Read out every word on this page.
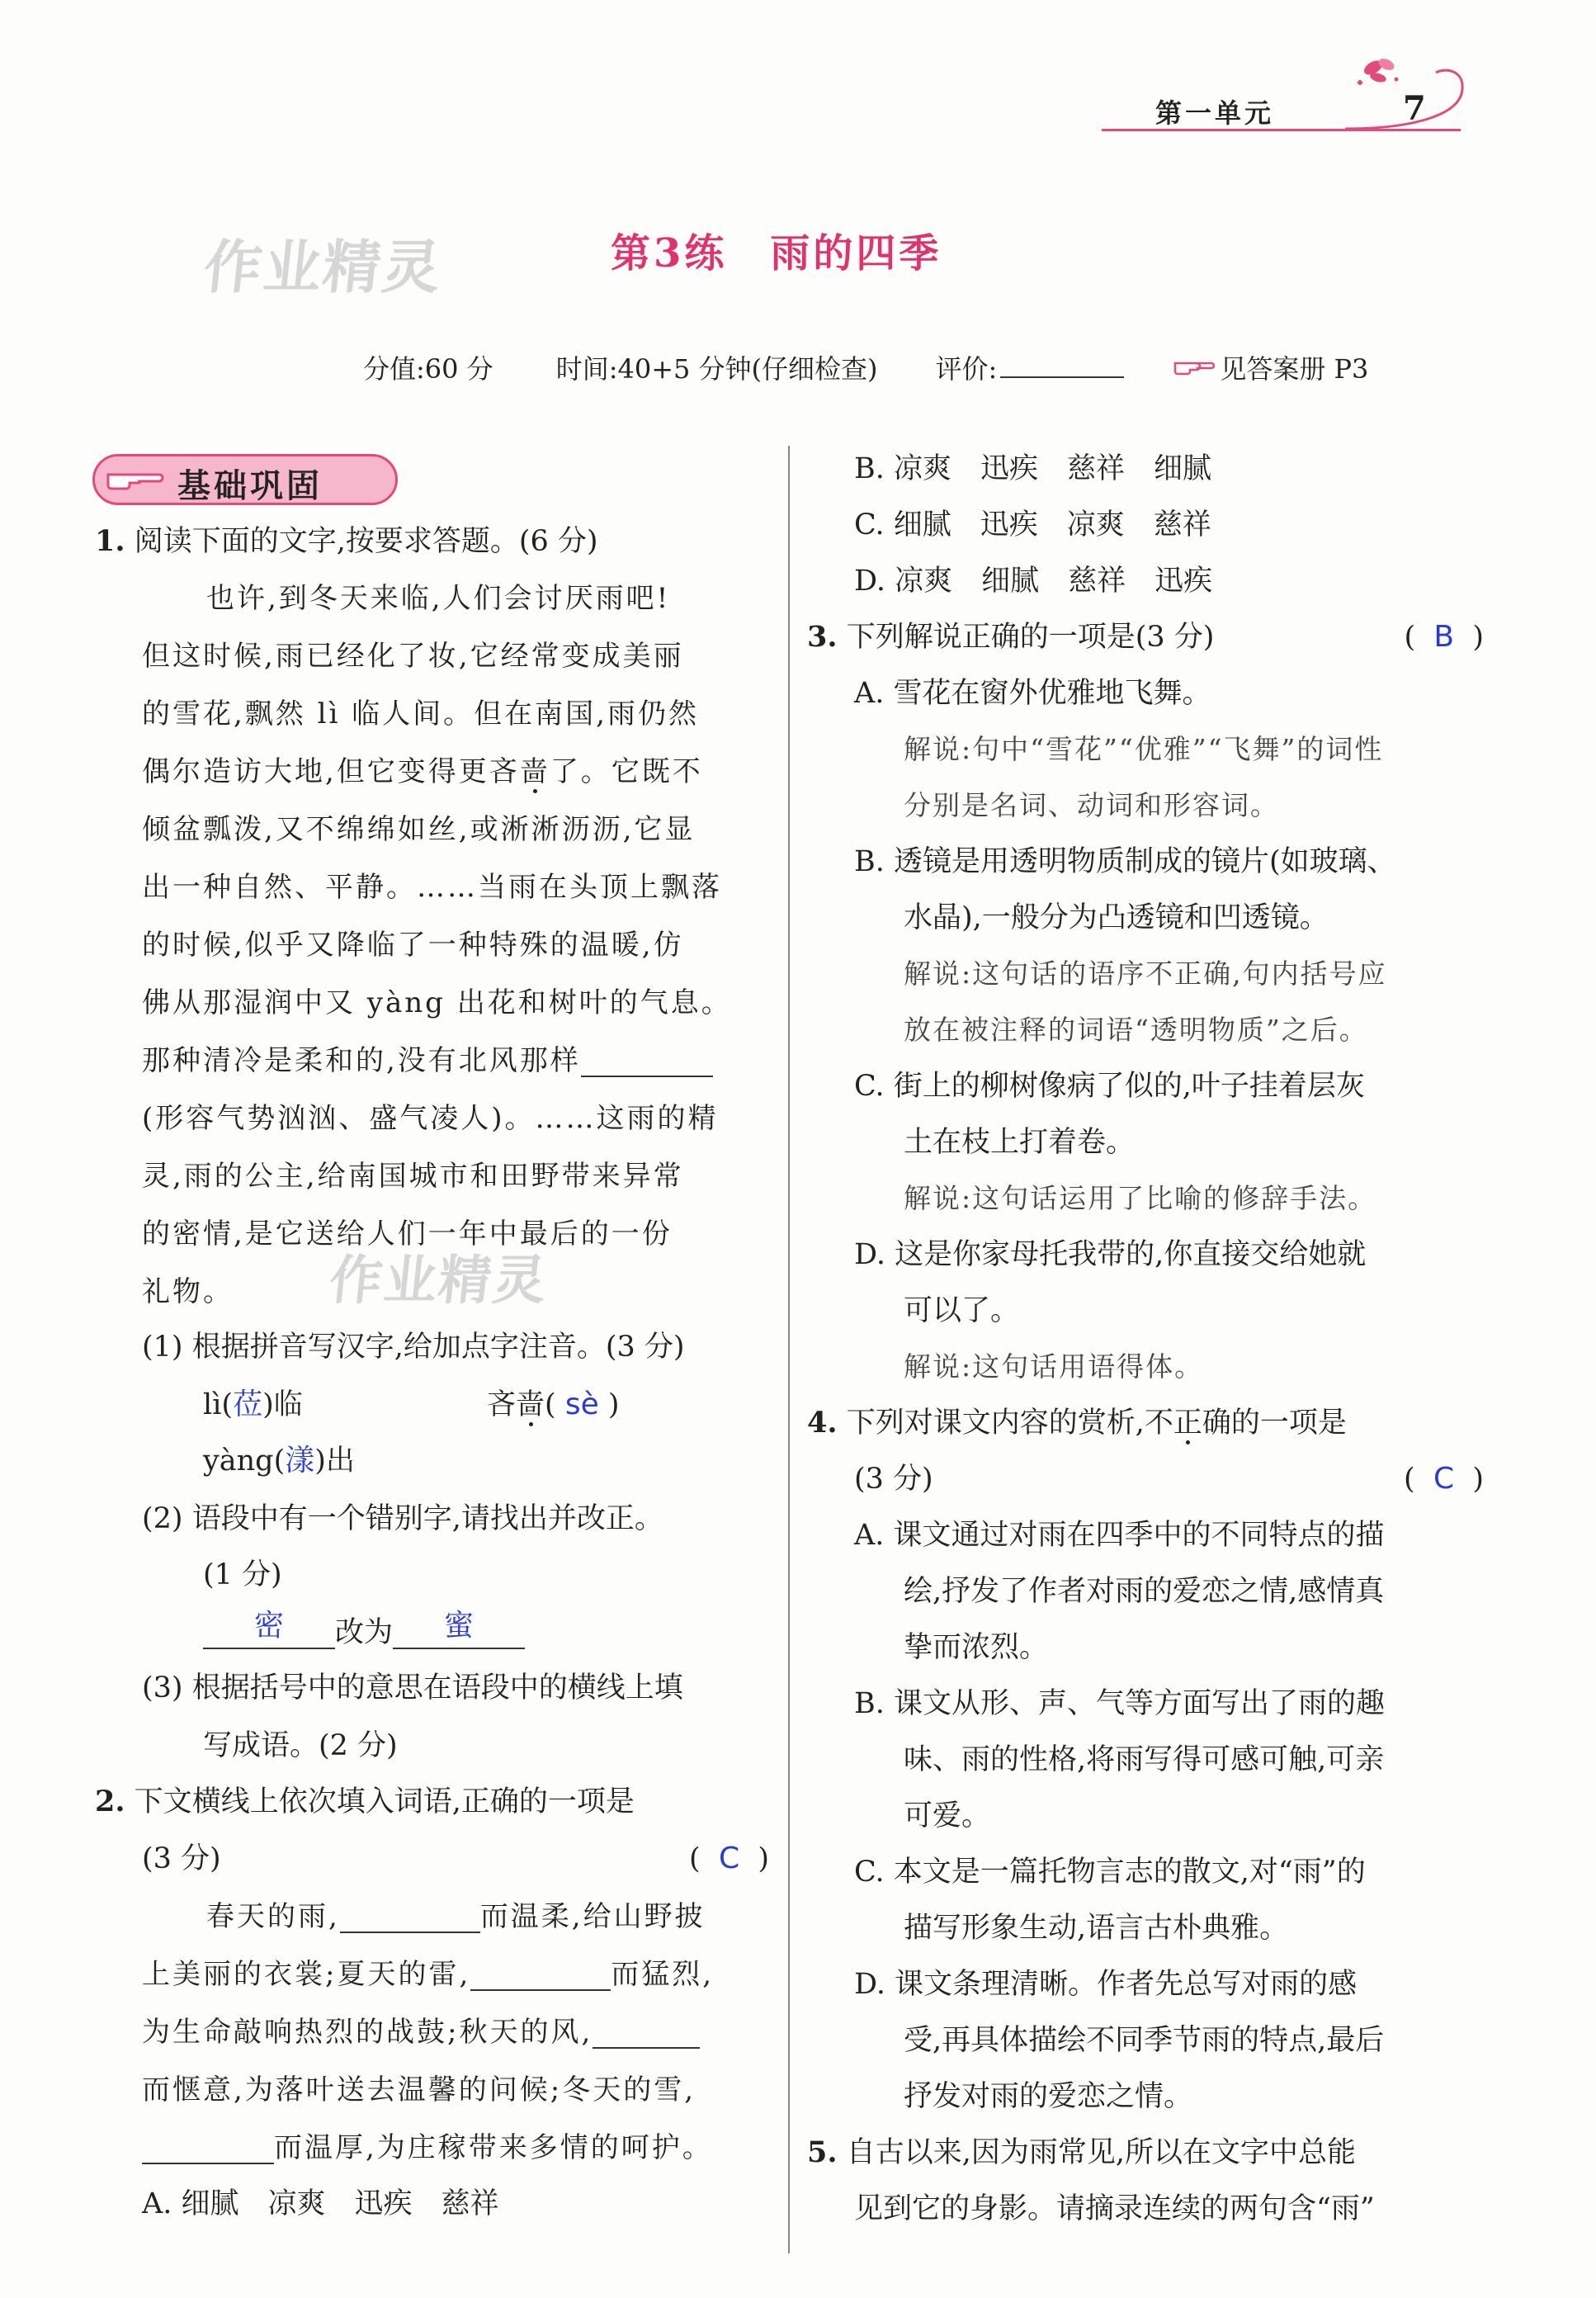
第一单元	7
作业精灵
作业精灵
第3练　雨的四季
分值:60 分 时间:40+5 分钟(仔细检查) 评价:	见答案册 P3
基础巩固
1. 阅读下面的文字,按要求答题。(6 分)
也许,到冬天来临,人们会讨厌雨吧!
但这时候,雨已经化了妆,它经常变成美丽
的雪花,飘然 lì 临人间。但在南国,雨仍然
偶尔造访大地,但它变得更吝啬了。它既不
倾盆瓢泼,又不绵绵如丝,或淅淅沥沥,它显
出一种自然、平静。……当雨在头顶上飘落
的时候,似乎又降临了一种特殊的温暖,仿
佛从那湿润中又 yàng 出花和树叶的气息。
那种清冷是柔和的,没有北风那样
(形容气势汹汹、盛气凌人)。……这雨的精
灵,雨的公主,给南国城市和田野带来异常
的密情,是它送给人们一年中最后的一份
礼物。
(1) 根据拼音写汉字,给加点字注音。(3 分)
lì(莅)临	吝啬( sè )
yàng(漾)出
(2) 语段中有一个错别字,请找出并改正。
(1 分)
密	改为	蜜
(3) 根据括号中的意思在语段中的横线上填
写成语。(2 分)
2. 下文横线上依次填入词语,正确的一项是
(3 分)	(  C  )
春天的雨,	而温柔,给山野披
上美丽的衣裳;夏天的雷,	而猛烈,
为生命敲响热烈的战鼓;秋天的风,
而惬意,为落叶送去温馨的问候;冬天的雪,
而温厚,为庄稼带来多情的呵护。
A. 细腻　凉爽　迅疾　慈祥
B. 凉爽　迅疾　慈祥　细腻
C. 细腻　迅疾　凉爽　慈祥
D. 凉爽　细腻　慈祥　迅疾
3. 下列解说正确的一项是(3 分)	(  B  )
A. 雪花在窗外优雅地飞舞。
解说:句中“雪花”“优雅”“飞舞”的词性
分别是名词、动词和形容词。
B. 透镜是用透明物质制成的镜片(如玻璃、
水晶),一般分为凸透镜和凹透镜。
解说:这句话的语序不正确,句内括号应
放在被注释的词语“透明物质”之后。
C. 街上的柳树像病了似的,叶子挂着层灰
土在枝上打着卷。
解说:这句话运用了比喻的修辞手法。
D. 这是你家母托我带的,你直接交给她就
可以了。
解说:这句话用语得体。
4. 下列对课文内容的赏析,不正确的一项是
(3 分)	(  C  )
A. 课文通过对雨在四季中的不同特点的描
绘,抒发了作者对雨的爱恋之情,感情真
挚而浓烈。
B. 课文从形、声、气等方面写出了雨的趣
味、雨的性格,将雨写得可感可触,可亲
可爱。
C. 本文是一篇托物言志的散文,对“雨”的
描写形象生动,语言古朴典雅。
D. 课文条理清晰。作者先总写对雨的感
受,再具体描绘不同季节雨的特点,最后
抒发对雨的爱恋之情。
5. 自古以来,因为雨常见,所以在文字中总能
见到它的身影。请摘录连续的两句含“雨”
